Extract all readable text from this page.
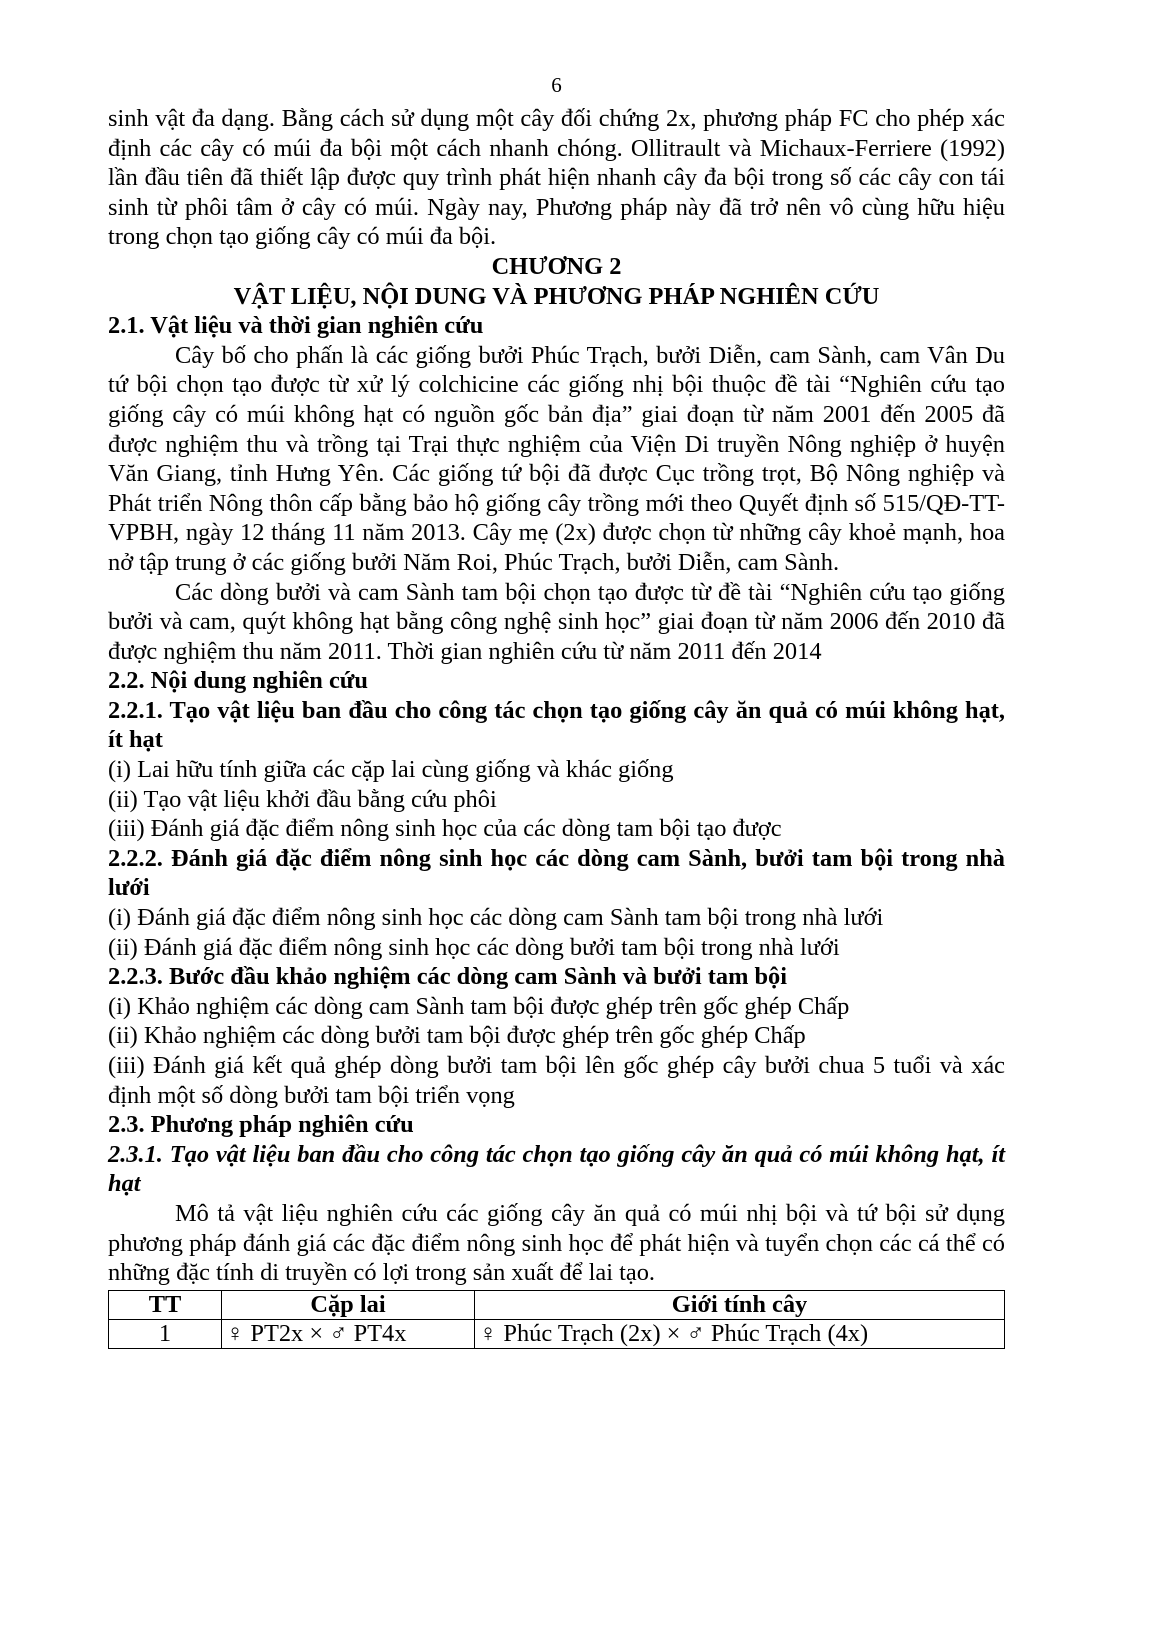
6

sinh vật đa dạng. Bằng cách sử dụng một cây đối chứng 2x, phương pháp FC cho phép xác định các cây có múi đa bội một cách nhanh chóng. Ollitrault và Michaux-Ferriere (1992) lần đầu tiên đã thiết lập được quy trình phát hiện nhanh cây đa bội trong số các cây con tái sinh từ phôi tâm ở cây có múi. Ngày nay, Phương pháp này đã trở nên vô cùng hữu hiệu trong chọn tạo giống cây có múi đa bội.

CHƯƠNG 2

VẬT LIỆU, NỘI DUNG VÀ PHƯƠNG PHÁP NGHIÊN CỨU

2.1. Vật liệu và thời gian nghiên cứu

Cây bố cho phấn là các giống bưởi Phúc Trạch, bưởi Diễn, cam Sành, cam Vân Du tứ bội chọn tạo được từ xử lý colchicine các giống nhị bội thuộc đề tài “Nghiên cứu tạo giống cây có múi không hạt có nguồn gốc bản địa” giai đoạn từ năm 2001 đến 2005 đã được nghiệm thu và trồng tại Trại thực nghiệm của Viện Di truyền Nông nghiệp ở huyện Văn Giang, tỉnh Hưng Yên. Các giống tứ bội đã được Cục trồng trọt, Bộ Nông nghiệp và Phát triển Nông thôn cấp bằng bảo hộ giống cây trồng mới theo Quyết định số 515/QĐ-TT-VPBH, ngày 12 tháng 11 năm 2013. Cây mẹ (2x) được chọn từ những cây khoẻ mạnh, hoa nở tập trung ở các giống bưởi Năm Roi, Phúc Trạch, bưởi Diễn, cam Sành.

Các dòng bưởi và cam Sành tam bội chọn tạo được từ đề tài “Nghiên cứu tạo giống bưởi và cam, quýt không hạt bằng công nghệ sinh học” giai đoạn từ năm 2006 đến 2010 đã được nghiệm thu năm 2011. Thời gian nghiên cứu từ năm 2011 đến 2014

2.2. Nội dung nghiên cứu

2.2.1. Tạo vật liệu ban đầu cho công tác chọn tạo giống cây ăn quả có múi không hạt, ít hạt

(i) Lai hữu tính giữa các cặp lai cùng giống và khác giống

(ii) Tạo vật liệu khởi đầu bằng cứu phôi

(iii) Đánh giá đặc điểm nông sinh học của các dòng tam bội tạo được

2.2.2. Đánh giá đặc điểm nông sinh học các dòng cam Sành, bưởi tam bội trong nhà lưới

(i) Đánh giá đặc điểm nông sinh học các dòng cam Sành tam bội trong nhà lưới

(ii) Đánh giá đặc điểm nông sinh học các dòng bưởi tam bội trong nhà lưới

2.2.3. Bước đầu khảo nghiệm các dòng cam Sành và bưởi tam bội

(i) Khảo nghiệm các dòng cam Sành tam bội được ghép trên gốc ghép Chấp

(ii) Khảo nghiệm các dòng bưởi tam bội được ghép trên gốc ghép Chấp

(iii) Đánh giá kết quả ghép dòng bưởi tam bội lên gốc ghép cây bưởi chua 5 tuổi và xác định một số dòng bưởi tam bội triển vọng

2.3. Phương pháp nghiên cứu

2.3.1. Tạo vật liệu ban đầu cho công tác chọn tạo giống cây ăn quả có múi không hạt, ít hạt

Mô tả vật liệu nghiên cứu các giống cây ăn quả có múi nhị bội và tứ bội sử dụng phương pháp đánh giá các đặc điểm nông sinh học để phát hiện và tuyển chọn các cá thể có những đặc tính di truyền có lợi trong sản xuất để lai tạo.

TT	Cặp lai	Giới tính cây
1	♀ PT2x × ♂ PT4x	♀ Phúc Trạch (2x) × ♂ Phúc Trạch (4x)
